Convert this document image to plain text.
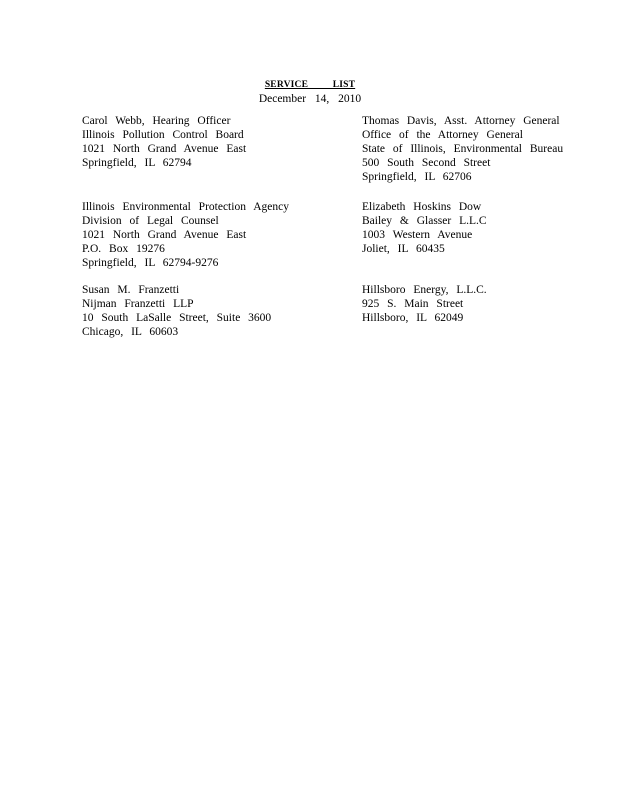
SERVICE LIST
December 14, 2010
Carol Webb, Hearing Officer
Illinois Pollution Control Board
1021 North Grand Avenue East
Springfield, IL 62794
Thomas Davis, Asst. Attorney General
Office of the Attorney General
State of Illinois, Environmental Bureau
500 South Second Street
Springfield, IL 62706
Illinois Environmental Protection Agency
Division of Legal Counsel
1021 North Grand Avenue East
P.O. Box 19276
Springfield, IL 62794-9276
Elizabeth Hoskins Dow
Bailey & Glasser L.L.C
1003 Western Avenue
Joliet, IL 60435
Susan M. Franzetti
Nijman Franzetti LLP
10 South LaSalle Street, Suite 3600
Chicago, IL 60603
Hillsboro Energy, L.L.C.
925 S. Main Street
Hillsboro, IL 62049
